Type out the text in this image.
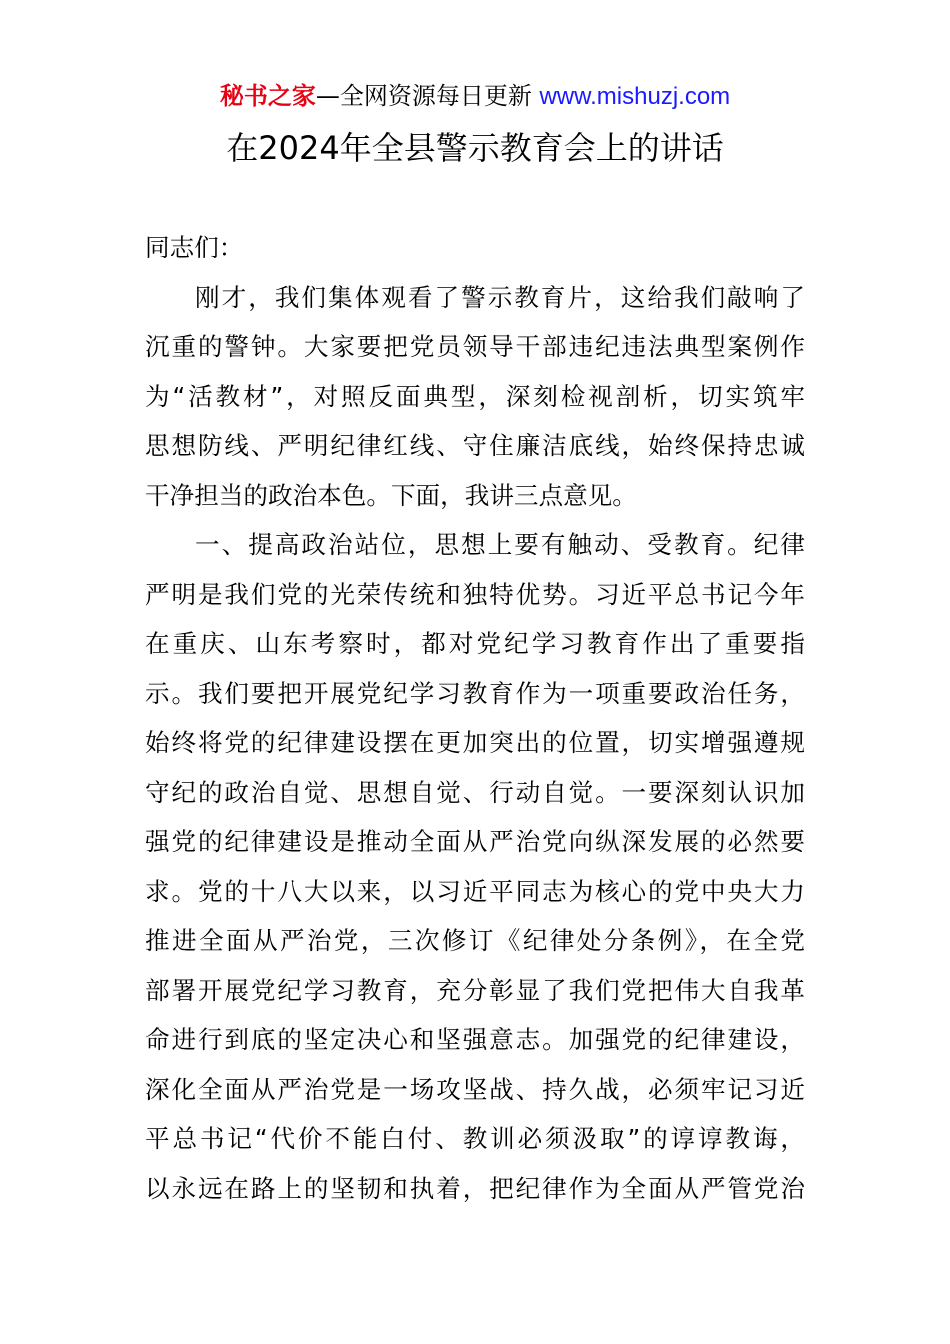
秘书之家—全网资源每日更新 www.mishuzj.com
在2024年全县警示教育会上的讲话
同志们：
刚才，我们集体观看了警示教育片，这给我们敲响了
沉重的警钟。大家要把党员领导干部违纪违法典型案例作
为“活教材”，对照反面典型，深刻检视剖析，切实筑牢
思想防线、严明纪律红线、守住廉洁底线，始终保持忠诚
干净担当的政治本色。下面，我讲三点意见。
一、提高政治站位，思想上要有触动、受教育。纪律
严明是我们党的光荣传统和独特优势。习近平总书记今年
在重庆、山东考察时，都对党纪学习教育作出了重要指
示。我们要把开展党纪学习教育作为一项重要政治任务，
始终将党的纪律建设摆在更加突出的位置，切实增强遵规
守纪的政治自觉、思想自觉、行动自觉。一要深刻认识加
强党的纪律建设是推动全面从严治党向纵深发展的必然要
求。党的十八大以来，以习近平同志为核心的党中央大力
推进全面从严治党，三次修订《纪律处分条例》，在全党
部署开展党纪学习教育，充分彰显了我们党把伟大自我革
命进行到底的坚定决心和坚强意志。加强党的纪律建设，
深化全面从严治党是一场攻坚战、持久战，必须牢记习近
平总书记“代价不能白付、教训必须汲取”的谆谆教诲，
以永远在路上的坚韧和执着，把纪律作为全面从严管党治
